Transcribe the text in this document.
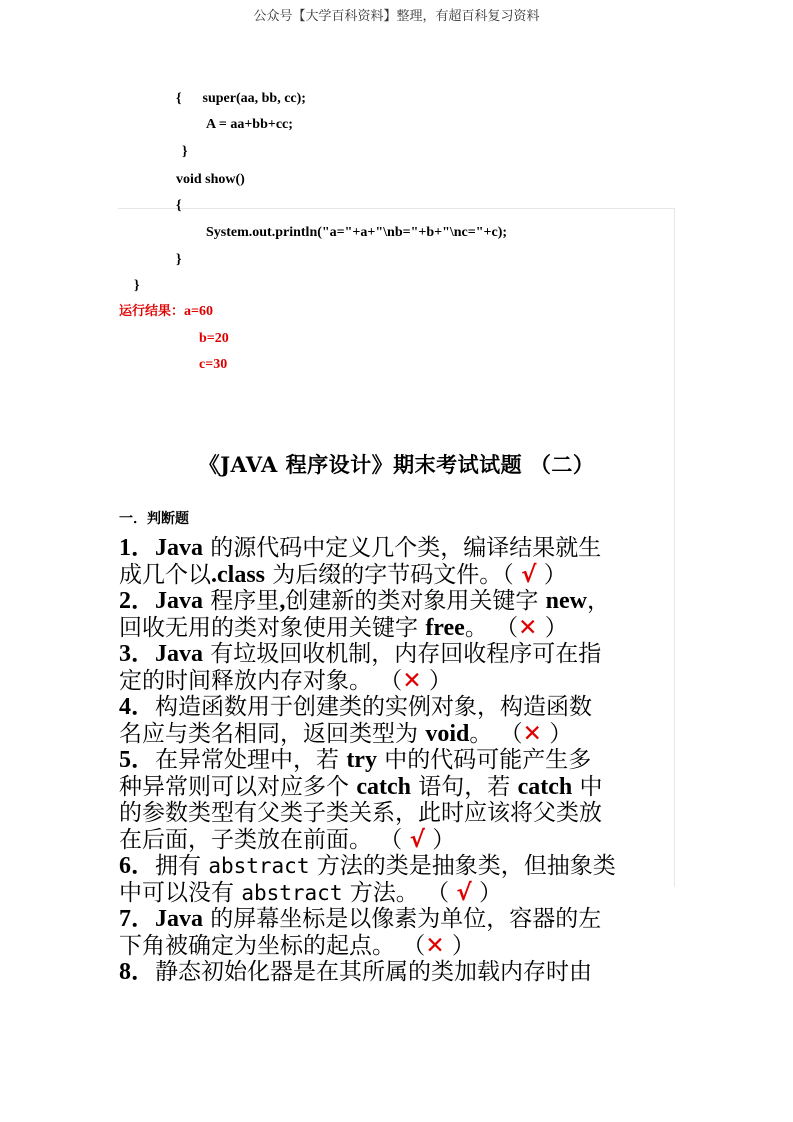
公众号【大学百科资料】整理，有超百科复习资料
{      super(aa, bb, cc);
A = aa+bb+cc;
}
void show()
{
System.out.println("a="+a+"\nb="+b+"\nc="+c);
}
}
运行结果：a=60
b=20
c=30
《JAVA 程序设计》期末考试试题 （二）
一．判断题
1．Java 的源代码中定义几个类，编译结果就生
成几个以.class 为后缀的字节码文件。（ √ ）
2．Java 程序里,创建新的类对象用关键字 new，
回收无用的类对象使用关键字 free。 （✕ ）
3．Java 有垃圾回收机制，内存回收程序可在指
定的时间释放内存对象。 （✕ ）
4．构造函数用于创建类的实例对象，构造函数
名应与类名相同，返回类型为 void。 （✕ ）
5．在异常处理中，若 try 中的代码可能产生多
种异常则可以对应多个 catch 语句，若 catch 中
的参数类型有父类子类关系，此时应该将父类放
在后面，子类放在前面。 （ √ ）
6．拥有 abstract 方法的类是抽象类，但抽象类
中可以没有 abstract 方法。 （ √ ）
7．Java 的屏幕坐标是以像素为单位，容器的左
下角被确定为坐标的起点。 （✕ ）
8．静态初始化器是在其所属的类加载内存时由
